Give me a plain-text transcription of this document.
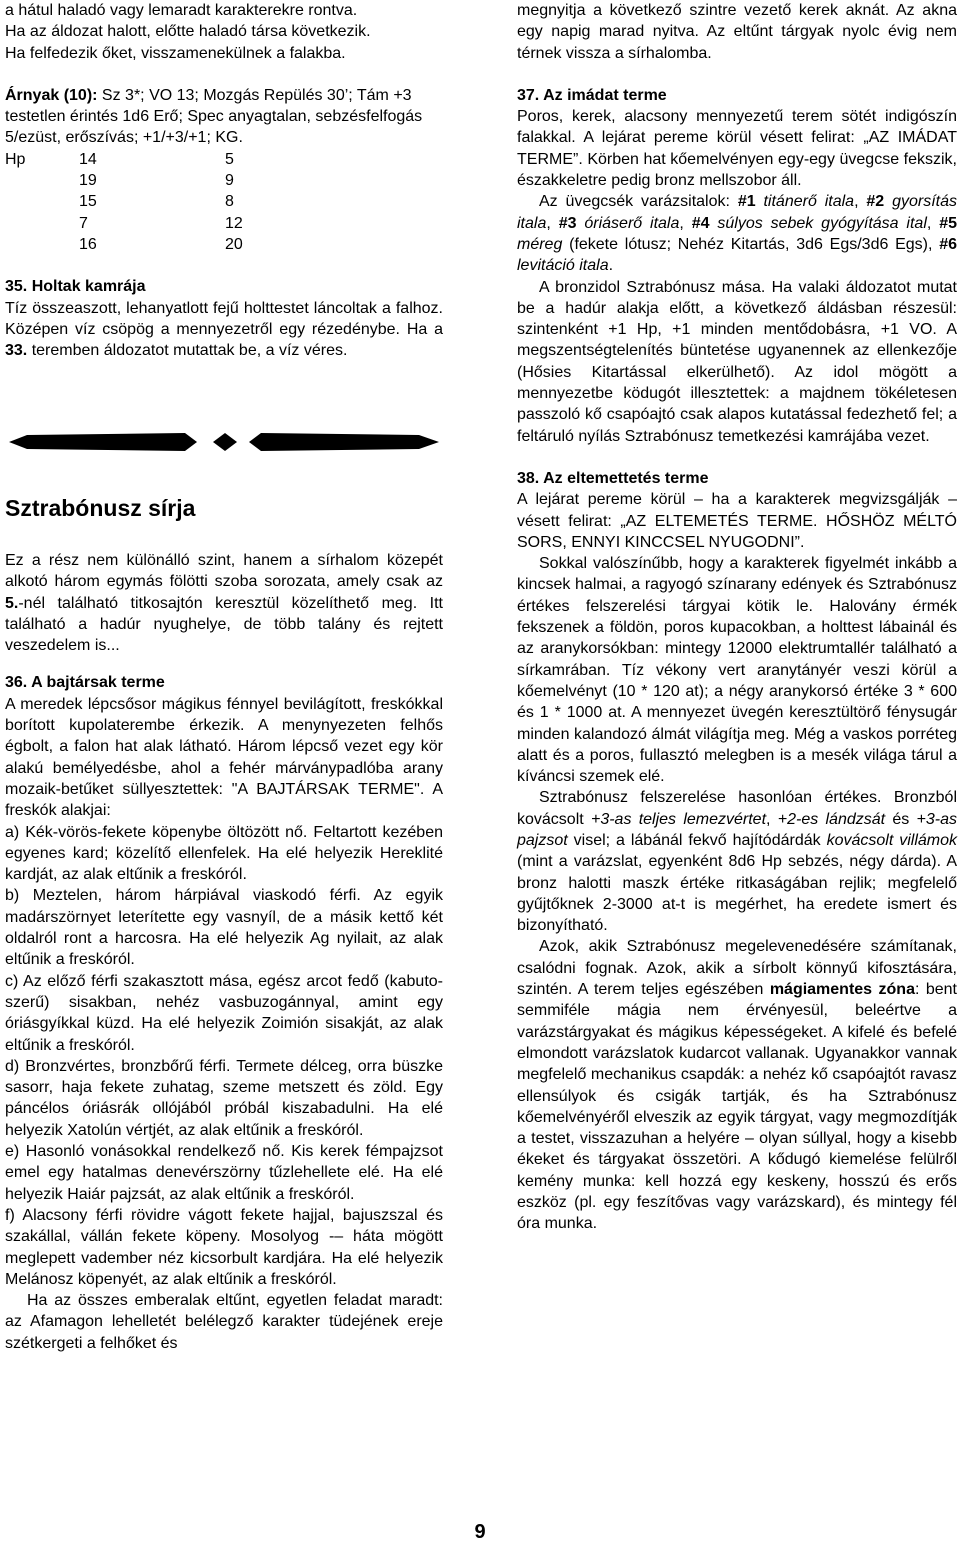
a hátul haladó vagy lemaradt karakterekre rontva.

Ha az áldozat halott, előtte haladó társa következik.

Ha felfedezik őket, visszamenekülnek a falakba.

Árnyak (10): Sz 3*; VO 13; Mozgás Repülés 30’; Tám +3 testetlen érintés 1d6 Erő; Spec anyagtalan, sebzésfelfogás 5/ezüst, erőszívás; +1/+3/+1; KG.

Hp	14	5
	19	9
	15	8
	7	12
	16	20

35. Holtak kamrája

Tíz összeaszott, lehanyatlott fejű holttestet láncoltak a falhoz. Középen víz csöpög a mennyezetről egy rézedénybe. Ha a 33. teremben áldozatot mutattak be, a víz véres.

Sztrabónusz sírja

Ez a rész nem különálló szint, hanem a sírhalom közepét alkotó három egymás fölötti szoba sorozata, amely csak az 5.-nél található titkosajtón keresztül közelíthető meg. Itt található a hadúr nyughelye, de több talány és rejtett veszedelem is...

36. A bajtársak terme

A meredek lépcsősor mágikus fénnyel bevilágított, freskókkal borított kupolaterembe érkezik. A menynyezeten felhős égbolt, a falon hat alak látható. Három lépcső vezet egy kör alakú bemélyedésbe, ahol a fehér márványpadlóba arany mozaik-betűket süllyesztettek: "A BAJTÁRSAK TERME". A freskók alakjai:

a) Kék-vörös-fekete köpenybe öltözött nő. Feltartott kezében egyenes kard; közelítő ellenfelek. Ha elé helyezik Hereklité kardját, az alak eltűnik a freskóról.

b) Meztelen, három hárpiával viaskodó férfi. Az egyik madárszörnyet leterítette egy vasnyíl, de a másik kettő két oldalról ront a harcosra. Ha elé helyezik Ag nyilait, az alak eltűnik a freskóról.

c) Az előző férfi szakasztott mása, egész arcot fedő (kabuto-szerű) sisakban, nehéz vasbuzogánnyal, amint egy óriásgyíkkal küzd. Ha elé helyezik Zoimión sisakját, az alak eltűnik a freskóról.

d) Bronzvértes, bronzbőrű férfi. Termete délceg, orra büszke sasorr, haja fekete zuhatag, szeme metszett és zöld. Egy páncélos óriásrák ollójából próbál kiszabadulni. Ha elé helyezik Xatolún vértjét, az alak eltűnik a freskóról.

e) Hasonló vonásokkal rendelkező nő. Kis kerek fémpajzsot emel egy hatalmas denevérszörny tűzlehellete elé. Ha elé helyezik Haiár pajzsát, az alak eltűnik a freskóról.

f) Alacsony férfi rövidre vágott fekete hajjal, bajuszszal és szakállal, vállán fekete köpeny. Mosolyog -– háta mögött meglepett vadember néz kicsorbult kardjára. Ha elé helyezik Melánosz köpenyét, az alak eltűnik a freskóról.

Ha az összes emberalak eltűnt, egyetlen feladat maradt: az Afamagon lehelletét belélegző karakter tüdejének ereje szétkergeti a felhőket és

megnyitja a következő szintre vezető kerek aknát. Az akna egy napig marad nyitva. Az eltűnt tárgyak nyolc évig nem térnek vissza a sírhalomba.

37. Az imádat terme

Poros, kerek, alacsony mennyezetű terem sötét indigószín falakkal. A lejárat pereme körül vésett felirat: „AZ IMÁDAT TERME”. Körben hat kőemelvényen egy-egy üvegcse fekszik, északkeletre pedig bronz mellszobor áll.

Az üvegcsék varázsitalok: #1 titánerő itala, #2 gyorsítás itala, #3 óriáserő itala, #4 súlyos sebek gyógyítása ital, #5 méreg (fekete lótusz; Nehéz Kitartás, 3d6 Egs/3d6 Egs), #6 levitáció itala.

A bronzidol Sztrabónusz mása. Ha valaki áldozatot mutat be a hadúr alakja előtt, a következő áldásban részesül: szintenként +1 Hp, +1 minden mentődobásra, +1 VO. A megszentségtelenítés büntetése ugyanennek az ellenkezője (Hősies Kitartással elkerülhető). Az idol mögött a mennyezetbe ködugót illesztettek: a majdnem tökéletesen passzoló kő csapóajtó csak alapos kutatással fedezhető fel; a feltáruló nyílás Sztrabónusz temetkezési kamrájába vezet.

38. Az eltemettetés terme

A lejárat pereme körül – ha a karakterek megvizsgálják – vésett felirat: „AZ ELTEMETÉS TERME. HŐSHÖZ MÉLTÓ SORS, ENNYI KINCCSEL NYUGODNI”.

Sokkal valószínűbb, hogy a karakterek figyelmét inkább a kincsek halmai, a ragyogó színarany edények és Sztrabónusz értékes felszerelési tárgyai kötik le. Halovány érmék fekszenek a földön, poros kupacokban, a holttest lábainál és az aranykorsókban: mintegy 12000 elektrumtallér található a sírkamrában. Tíz vékony vert aranytányér veszi körül a kőemelvényt (10 * 120 at); a négy aranykorsó értéke 3 * 600 és 1 * 1000 at. A mennyezet üvegén keresztültörő fénysugár minden kalandozó álmát világítja meg. Még a vaskos porréteg alatt és a poros, fullasztó melegben is a mesék világa tárul a kíváncsi szemek elé.

Sztrabónusz felszerelése hasonlóan értékes. Bronzból kovácsolt +3-as teljes lemezvértet, +2-es lándzsát és +3-as pajzsot visel; a lábánál fekvő hajítódárdák kovácsolt villámok (mint a varázslat, egyenként 8d6 Hp sebzés, négy dárda). A bronz halotti maszk értéke ritkaságában rejlik; megfelelő gyűjtőknek 2-3000 at-t is megérhet, ha eredete ismert és bizonyítható.

Azok, akik Sztrabónusz megelevenedésére számítanak, csalódni fognak. Azok, akik a sírbolt könnyű kifosztására, szintén. A terem teljes egészében mágiamentes zóna: bent semmiféle mágia nem érvényesül, beleértve a varázstárgyakat és mágikus képességeket. A kifelé és befelé elmondott varázslatok kudarcot vallanak. Ugyanakkor vannak megfelelő mechanikus csapdák: a nehéz kő csapóajtót ravasz ellensúlyok és csigák tartják, és ha Sztrabónusz kőemelvényéről elveszik az egyik tárgyat, vagy megmozdítják a testet, visszazuhan a helyére – olyan súllyal, hogy a kisebb ékeket és tárgyakat összetöri. A kődugó kiemelése felülről kemény munka: kell hozzá egy keskeny, hosszú és erős eszköz (pl. egy feszítővas vagy varázskard), és mintegy fél óra munka.

9
